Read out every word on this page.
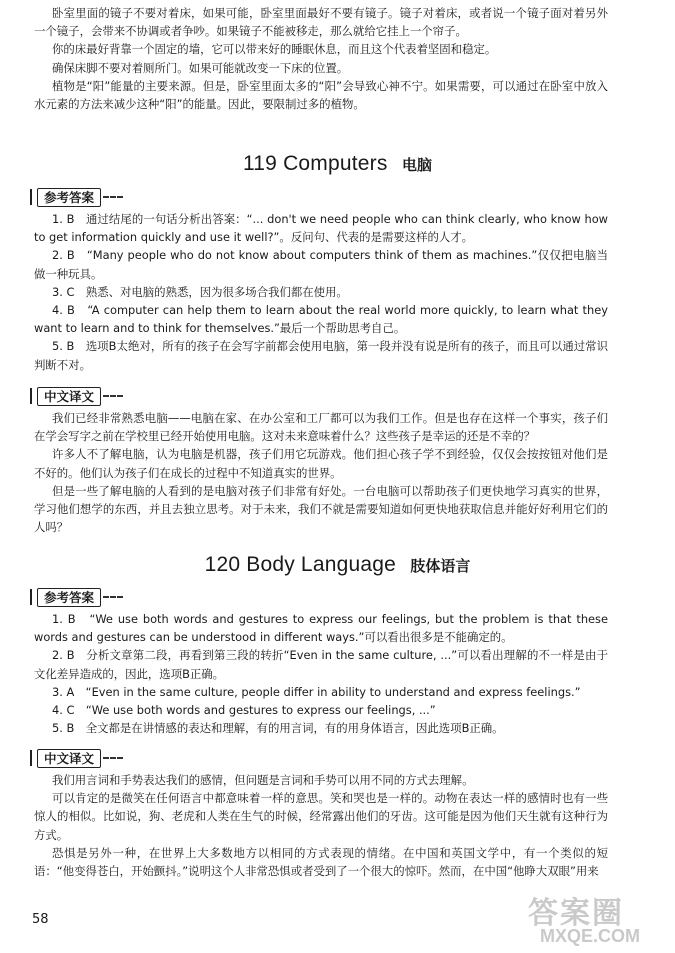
卧室里面的镜子不要对着床，如果可能，卧室里面最好不要有镜子。镜子对着床，或者说一个镜子面对着另外一个镜子，会带来不协调或者争吵。如果镜子不能被移走，那么就给它挂上一个帘子。

你的床最好背靠一个固定的墙，它可以带来好的睡眠休息，而且这个代表着坚固和稳定。

确保床脚不要对着厕所门。如果可能就改变一下床的位置。

植物是“阳”能量的主要来源。但是，卧室里面太多的“阳”会导致心神不宁。如果需要，可以通过在卧室中放入水元素的方法来减少这种“阳”的能量。因此，要限制过多的植物。

119 Computers 电脑
参考答案

1. B　通过结尾的一句话分析出答案：“... don't we need people who can think clearly, who know how to get information quickly and use it well?”。反问句、代表的是需要这样的人才。

2. B　“Many people who do not know about computers think of them as machines.”仅仅把电脑当做一种玩具。

3. C　熟悉、对电脑的熟悉，因为很多场合我们都在使用。

4. B　“A computer can help them to learn about the real world more quickly, to learn what they want to learn and to think for themselves.”最后一个帮助思考自己。

5. B　选项B太绝对，所有的孩子在会写字前都会使用电脑，第一段并没有说是所有的孩子，而且可以通过常识判断不对。

中文译文

我们已经非常熟悉电脑——电脑在家、在办公室和工厂都可以为我们工作。但是也存在这样一个事实，孩子们在学会写字之前在学校里已经开始使用电脑。这对未来意味着什么？这些孩子是幸运的还是不幸的？

许多人不了解电脑，认为电脑是机器，孩子们用它玩游戏。他们担心孩子学不到经验，仅仅会按按钮对他们是不好的。他们认为孩子们在成长的过程中不知道真实的世界。

但是一些了解电脑的人看到的是电脑对孩子们非常有好处。一台电脑可以帮助孩子们更快地学习真实的世界，学习他们想学的东西，并且去独立思考。对于未来，我们不就是需要知道如何更快地获取信息并能好好利用它们的人吗？

120 Body Language 肢体语言
参考答案

1. B　“We use both words and gestures to express our feelings, but the problem is that these words and gestures can be understood in different ways.”可以看出很多是不能确定的。

2. B　分析文章第二段，再看到第三段的转折“Even in the same culture, ...”可以看出理解的不一样是由于文化差异造成的，因此，选项B正确。

3. A　“Even in the same culture, people differ in ability to understand and express feelings.”

4. C　“We use both words and gestures to express our feelings, ...”

5. B　全文都是在讲情感的表达和理解，有的用言词，有的用身体语言，因此选项B正确。

中文译文

我们用言词和手势表达我们的感情，但问题是言词和手势可以用不同的方式去理解。

可以肯定的是微笑在任何语言中都意味着一样的意思。笑和哭也是一样的。动物在表达一样的感情时也有一些惊人的相似。比如说，狗、老虎和人类在生气的时候，经常露出他们的牙齿。这可能是因为他们天生就有这种行为方式。

恐惧是另外一种，在世界上大多数地方以相同的方式表现的情绪。在中国和英国文学中，有一个类似的短语：“他变得苍白，开始颤抖。”说明这个人非常恐惧或者受到了一个很大的惊吓。然而，在中国“他睁大双眼”用来

58	答案圈
MXQE.COM
